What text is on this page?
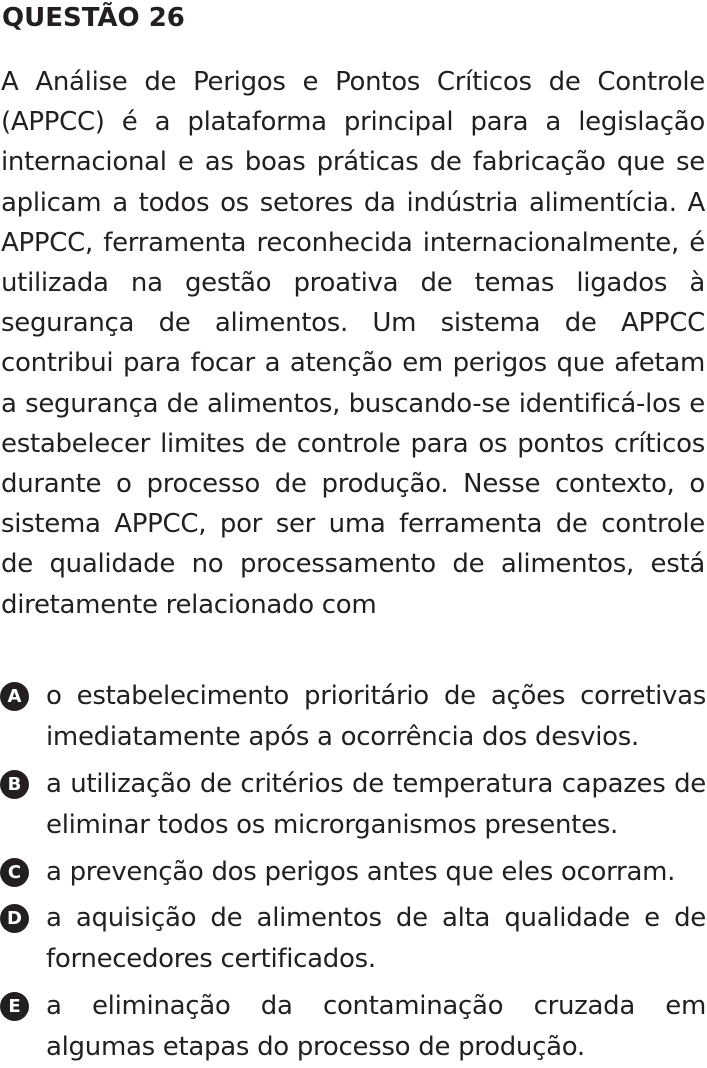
QUESTÃO 26
A Análise de Perigos e Pontos Críticos de Controle (APPCC) é a plataforma principal para a legislação internacional e as boas práticas de fabricação que se aplicam a todos os setores da indústria alimentícia. A APPCC, ferramenta reconhecida internacionalmente, é utilizada na gestão proativa de temas ligados à segurança de alimentos. Um sistema de APPCC contribui para focar a atenção em perigos que afetam a segurança de alimentos, buscando-se identificá-los e estabelecer limites de controle para os pontos críticos durante o processo de produção. Nesse contexto, o sistema APPCC, por ser uma ferramenta de controle de qualidade no processamento de alimentos, está diretamente relacionado com
A o estabelecimento prioritário de ações corretivas imediatamente após a ocorrência dos desvios.
B a utilização de critérios de temperatura capazes de eliminar todos os microrganismos presentes.
C a prevenção dos perigos antes que eles ocorram.
D a aquisição de alimentos de alta qualidade e de fornecedores certificados.
E a eliminação da contaminação cruzada em algumas etapas do processo de produção.
